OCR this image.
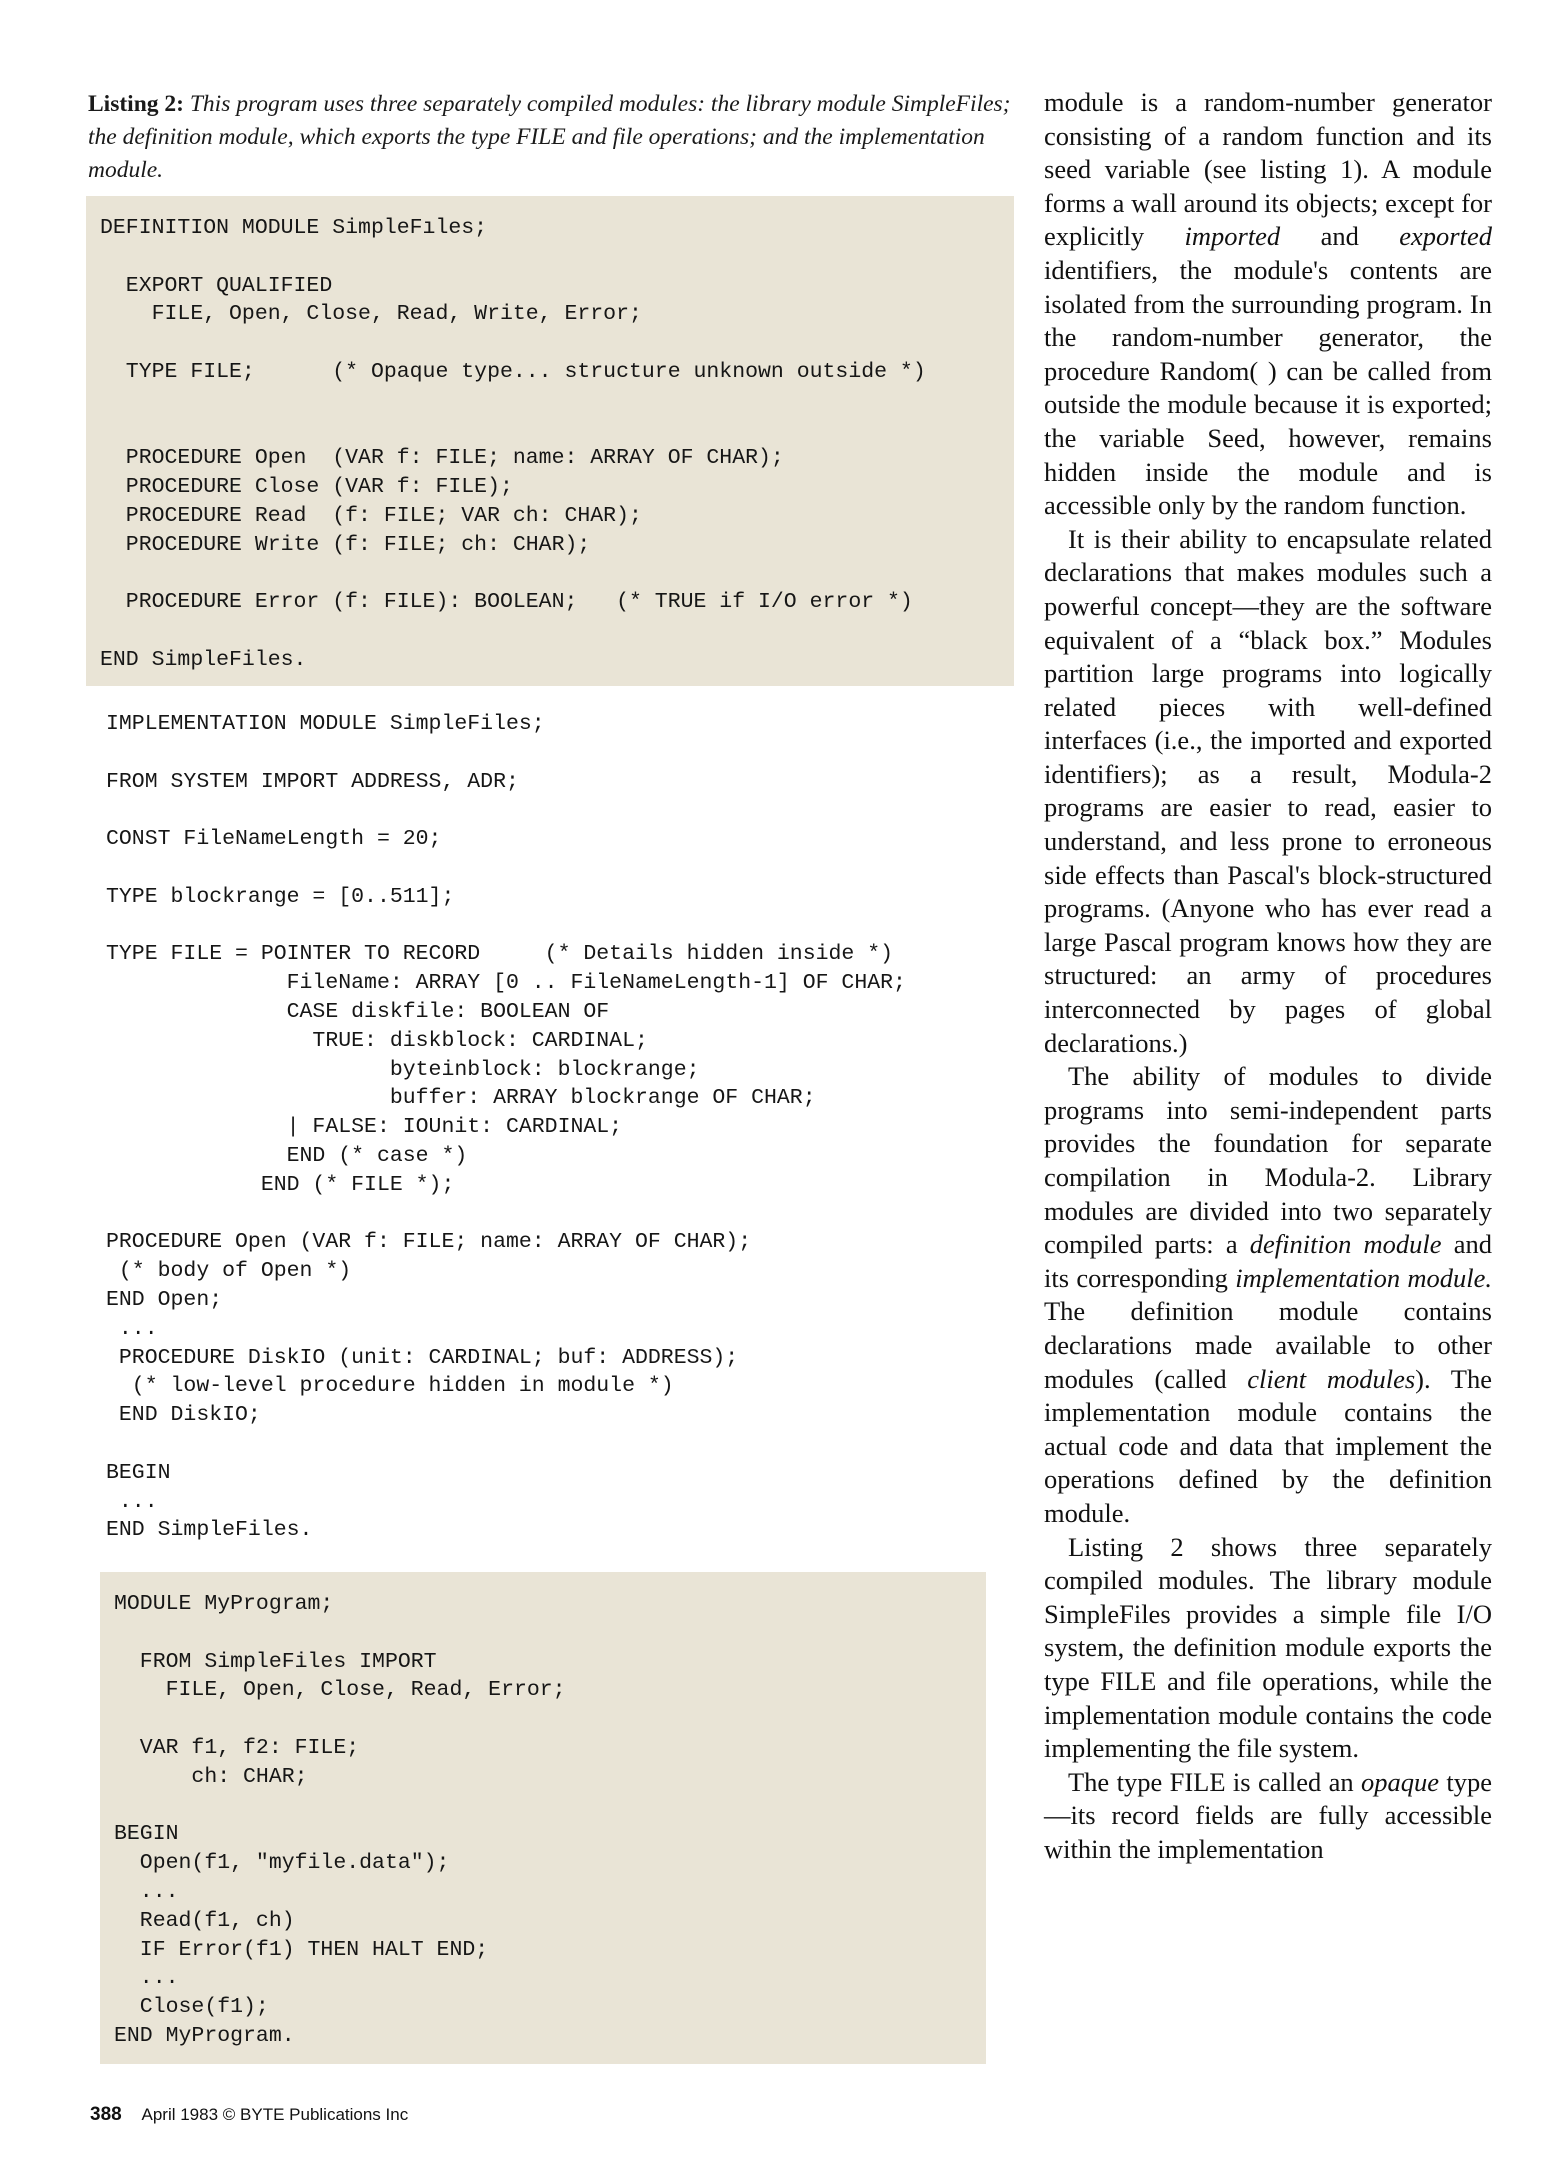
Listing 2: This program uses three separately compiled modules: the library module SimpleFiles; the definition module, which exports the type FILE and file operations; and the implementation module.
DEFINITION MODULE SimpleFıles;

EXPORT QUALIFIED
FILE, Open, Close, Read, Write, Error;

TYPE FILE;      (* Opaque type... structure unknown outside *)

PROCEDURE Open  (VAR f: FILE; name: ARRAY OF CHAR);
PROCEDURE Close (VAR f: FILE);
PROCEDURE Read  (f: FILE; VAR ch: CHAR);
PROCEDURE Write (f: FILE; ch: CHAR);

PROCEDURE Error (f: FILE): BOOLEAN;   (* TRUE if I/O error *)

END SimpleFiles.
IMPLEMENTATION MODULE SimpleFiles;

FROM SYSTEM IMPORT ADDRESS, ADR;

CONST FileNameLength = 20;

TYPE blockrange = [0..511];

TYPE FILE = POINTER TO RECORD     (* Details hidden inside *)
FileName: ARRAY [0 .. FileNameLength-1] OF CHAR;
CASE diskfile: BOOLEAN OF
TRUE: diskblock: CARDINAL;
byteinblock: blockrange;
buffer: ARRAY blockrange OF CHAR;
| FALSE: IOUnit: CARDINAL;
END (* case *)
END (* FILE *);

PROCEDURE Open (VAR f: FILE; name: ARRAY OF CHAR);
(* body of Open *)
END Open;
...
PROCEDURE DiskIO (unit: CARDINAL; buf: ADDRESS);
(* low-level procedure hidden in module *)
END DiskIO;

BEGIN
...
END SimpleFiles.
MODULE MyProgram;

FROM SimpleFiles IMPORT
FILE, Open, Close, Read, Error;

VAR f1, f2: FILE;
ch: CHAR;

BEGIN
Open(f1, "myfile.data");
...
Read(f1, ch)
IF Error(f1) THEN HALT END;
...
Close(f1);
END MyProgram.

module is a random-number generator consisting of a random function and its seed variable (see listing 1). A module forms a wall around its objects; except for explicitly imported and exported identifiers, the module's contents are isolated from the surrounding program. In the random-number generator, the procedure Random( ) can be called from outside the module because it is exported; the variable Seed, however, remains hidden inside the module and is accessible only by the random function.

It is their ability to encapsulate related declarations that makes modules such a powerful concept—they are the software equivalent of a “black box.” Modules partition large programs into logically related pieces with well-defined interfaces (i.e., the imported and exported identifiers); as a result, Modula-2 programs are easier to read, easier to understand, and less prone to erroneous side effects than Pascal's block-structured programs. (Anyone who has ever read a large Pascal program knows how they are structured: an army of procedures interconnected by pages of global declarations.)

The ability of modules to divide programs into semi-independent parts provides the foundation for separate compilation in Modula-2. Library modules are divided into two separately compiled parts: a definition module and its corresponding implementation module. The definition module contains declarations made available to other modules (called client modules). The implementation module contains the actual code and data that implement the operations defined by the definition module.

Listing 2 shows three separately compiled modules. The library module SimpleFiles provides a simple file I/O system, the definition module exports the type FILE and file operations, while the implementation module contains the code implementing the file system.

The type FILE is called an opaque type—its record fields are fully accessible within the implementation

388 April 1983 © BYTE Publications Inc
